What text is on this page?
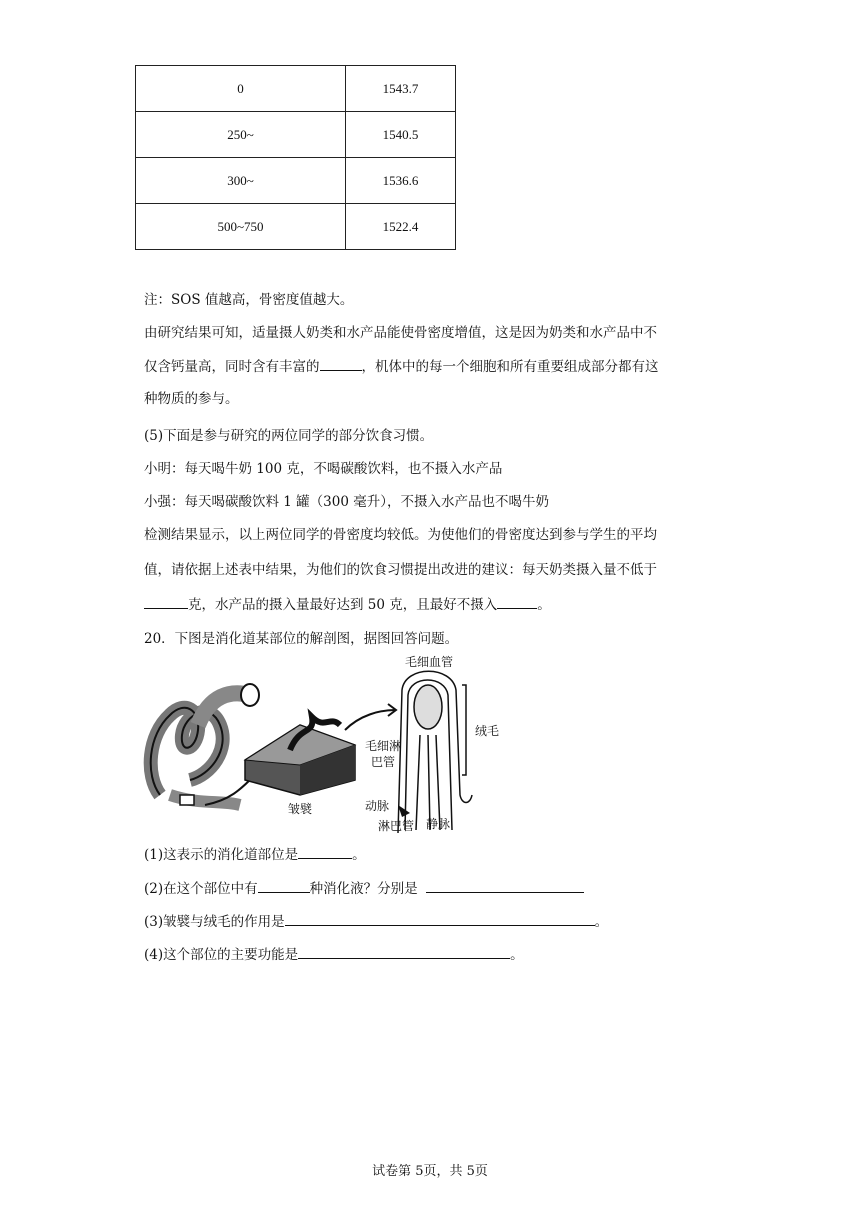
0	1543.7
250~	1540.5
300~	1536.6
500~750	1522.4
注：SOS 值越高，骨密度值越大。
由研究结果可知，适量摄人奶类和水产品能使骨密度增值，这是因为奶类和水产品中不
仅含钙量高，同时含有丰富的	，机体中的每一个细胞和所有重要组成部分都有这
种物质的参与。
(5)下面是参与研究的两位同学的部分饮食习惯。
小明：每天喝牛奶 100 克，不喝碳酸饮料，也不摄入水产品
小强：每天喝碳酸饮料 1 罐（300 毫升），不摄入水产品也不喝牛奶
检测结果显示，以上两位同学的骨密度均较低。为使他们的骨密度达到参与学生的平均
值，请依据上述表中结果，为他们的饮食习惯提出改进的建议：每天奶类摄入量不低于
克，水产品的摄入量最好达到 50 克，且最好不摄入	。
20．下图是消化道某部位的解剖图，据图回答问题。
皱襞
毛细血管
绒毛
毛细淋
巴管
动脉
淋巴管 静脉
(1)这表示的消化道部位是	。
(2)在这个部位中有	种消化液？分别是
(3)皱襞与绒毛的作用是	。
(4)这个部位的主要功能是	。
试卷第 5页，共 5页
